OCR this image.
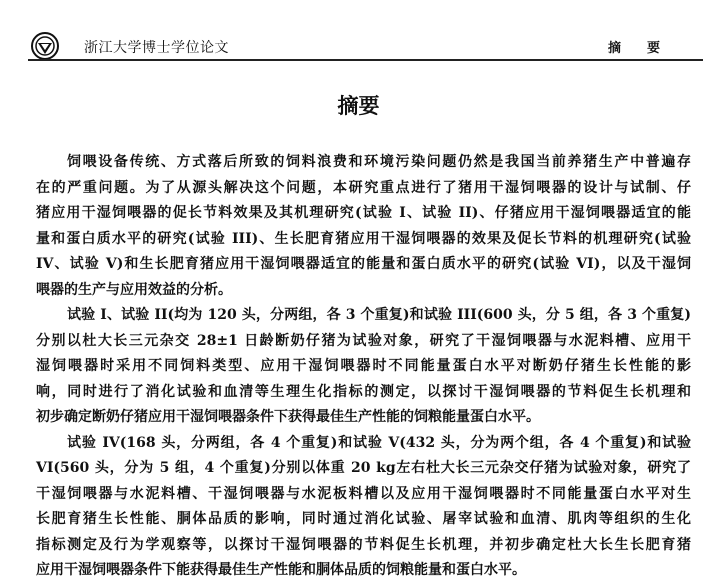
浙江大学博士学位论文	摘 要
摘要
饲喂设备传统、方式落后所致的饲料浪费和环境污染问题仍然是我国当前养猪生产中普遍存
在的严重问题。为了从源头解决这个问题，本研究重点进行了猪用干湿饲喂器的设计与试制、仔
猪应用干湿饲喂器的促长节料效果及其机理研究(试验 I、试验 II)、仔猪应用干湿饲喂器适宜的能
量和蛋白质水平的研究(试验 III)、生长肥育猪应用干湿饲喂器的效果及促长节料的机理研究(试验
IV、试验 V)和生长肥育猪应用干湿饲喂器适宜的能量和蛋白质水平的研究(试验 VI)，以及干湿饲
喂器的生产与应用效益的分析。
试验 I、试验 II(均为 120 头，分两组，各 3 个重复)和试验 III(600 头，分 5 组，各 3 个重复)
分别以杜大长三元杂交 28±1 日龄断奶仔猪为试验对象，研究了干湿饲喂器与水泥料槽、应用干
湿饲喂器时采用不同饲料类型、应用干湿饲喂器时不同能量蛋白水平对断奶仔猪生长性能的影
响，同时进行了消化试验和血清等生理生化指标的测定，以探讨干湿饲喂器的节料促生长机理和
初步确定断奶仔猪应用干湿饲喂器条件下获得最佳生产性能的饲粮能量蛋白水平。
试验 IV(168 头，分两组，各 4 个重复)和试验 V(432 头，分为两个组，各 4 个重复)和试验
VI(560 头，分为 5 组，4 个重复)分别以体重 20 kg左右杜大长三元杂交仔猪为试验对象，研究了
干湿饲喂器与水泥料槽、干湿饲喂器与水泥板料槽以及应用干湿饲喂器时不同能量蛋白水平对生
长肥育猪生长性能、胴体品质的影响，同时通过消化试验、屠宰试验和血清、肌肉等组织的生化
指标测定及行为学观察等，以探讨干湿饲喂器的节料促生长机理，并初步确定杜大长生长肥育猪
应用干湿饲喂器条件下能获得最佳生产性能和胴体品质的饲粮能量和蛋白水平。
